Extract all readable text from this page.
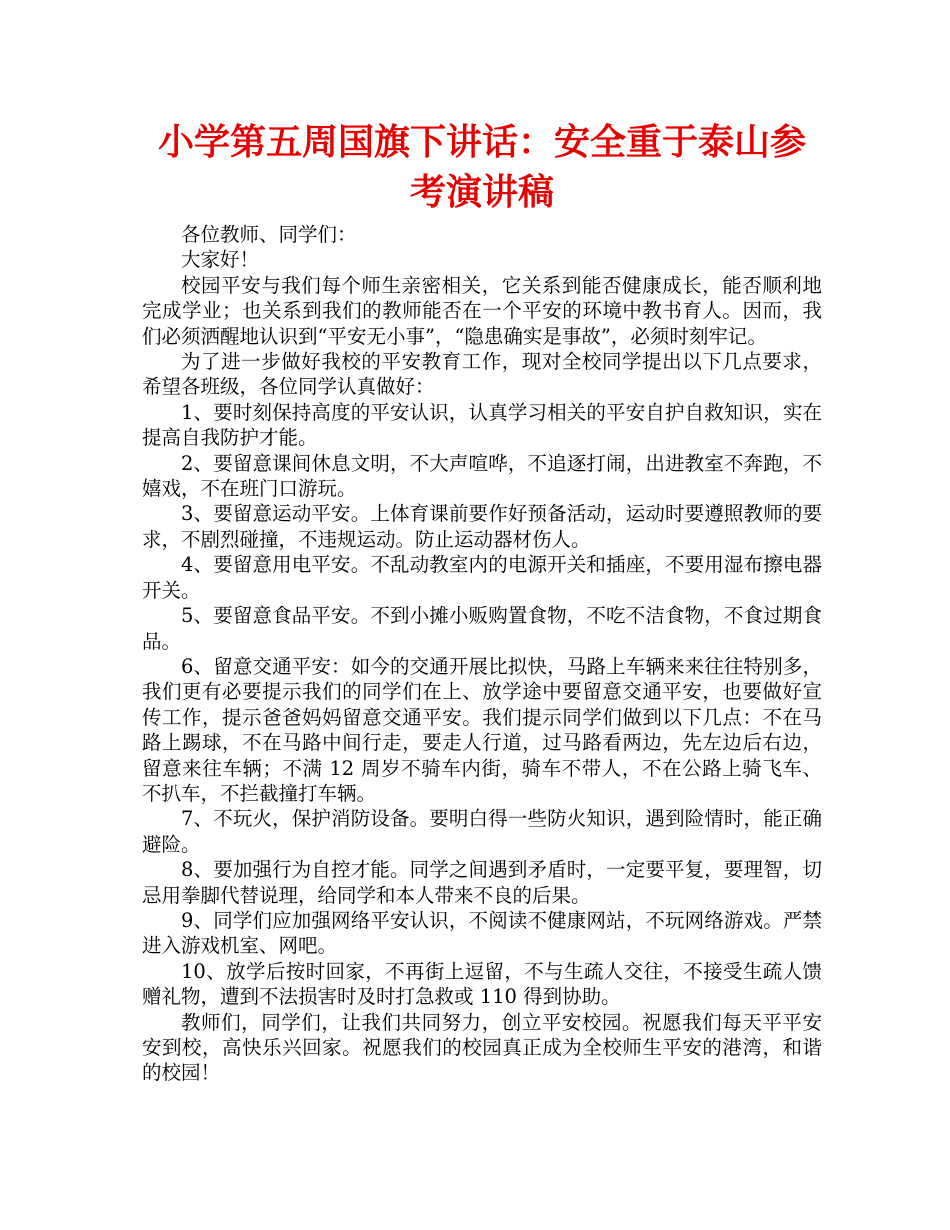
小学第五周国旗下讲话：安全重于泰山参考演讲稿

各位教师、同学们：

大家好！

校园平安与我们每个师生亲密相关，它关系到能否健康成长，能否顺利地完成学业；也关系到我们的教师能否在一个平安的环境中教书育人。因而，我们必须洒醒地认识到“平安无小事”，“隐患确实是事故”，必须时刻牢记。

为了进一步做好我校的平安教育工作，现对全校同学提出以下几点要求，希望各班级，各位同学认真做好：

1、要时刻保持高度的平安认识，认真学习相关的平安自护自救知识，实在提高自我防护才能。

2、要留意课间休息文明，不大声喧哗，不追逐打闹，出进教室不奔跑，不嬉戏，不在班门口游玩。

3、要留意运动平安。上体育课前要作好预备活动，运动时要遵照教师的要求，不剧烈碰撞，不违规运动。防止运动器材伤人。

4、要留意用电平安。不乱动教室内的电源开关和插座，不要用湿布擦电器开关。

5、要留意食品平安。不到小摊小贩购置食物，不吃不洁食物，不食过期食品。

6、留意交通平安：如今的交通开展比拟快，马路上车辆来来往往特别多，我们更有必要提示我们的同学们在上、放学途中要留意交通平安，也要做好宣传工作，提示爸爸妈妈留意交通平安。我们提示同学们做到以下几点：不在马路上踢球，不在马路中间行走，要走人行道，过马路看两边，先左边后右边，留意来往车辆；不满 12 周岁不骑车内街，骑车不带人，不在公路上骑飞车、不扒车，不拦截撞打车辆。

7、不玩火，保护消防设备。要明白得一些防火知识，遇到险情时，能正确避险。

8、要加强行为自控才能。同学之间遇到矛盾时，一定要平复，要理智，切忌用拳脚代替说理，给同学和本人带来不良的后果。

9、同学们应加强网络平安认识，不阅读不健康网站，不玩网络游戏。严禁进入游戏机室、网吧。

10、放学后按时回家，不再街上逗留，不与生疏人交往，不接受生疏人馈赠礼物，遭到不法损害时及时打急救或 110 得到协助。

教师们，同学们，让我们共同努力，创立平安校园。祝愿我们每天平平安安到校，高快乐兴回家。祝愿我们的校园真正成为全校师生平安的港湾，和谐的校园！
